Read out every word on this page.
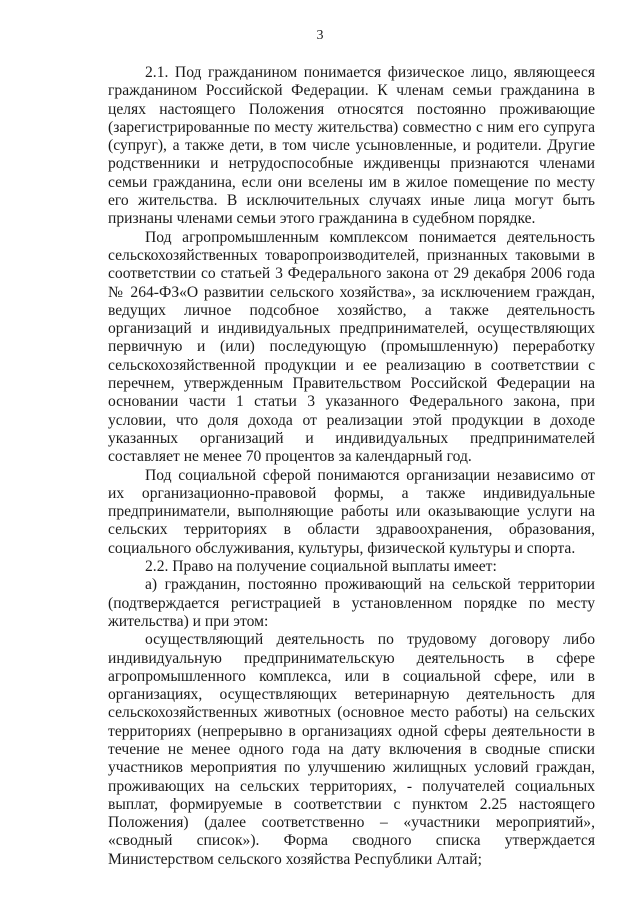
3

2.1. Под гражданином понимается физическое лицо, являющееся гражданином Российской Федерации. К членам семьи гражданина в целях настоящего Положения относятся постоянно проживающие (зарегистрированные по месту жительства) совместно с ним его супруга (супруг), а также дети, в том числе усыновленные, и родители. Другие родственники и нетрудоспособные иждивенцы признаются членами семьи гражданина, если они вселены им в жилое помещение по месту его жительства. В исключительных случаях иные лица могут быть признаны членами семьи этого гражданина в судебном порядке.

Под агропромышленным комплексом понимается деятельность сельскохозяйственных товаропроизводителей, признанных таковыми в соответствии со статьей 3 Федерального закона от 29 декабря 2006 года № 264-ФЗ«О развитии сельского хозяйства», за исключением граждан, ведущих личное подсобное хозяйство, а также деятельность организаций и индивидуальных предпринимателей, осуществляющих первичную и (или) последующую (промышленную) переработку сельскохозяйственной продукции и ее реализацию в соответствии с перечнем, утвержденным Правительством Российской Федерации на основании части 1 статьи 3 указанного Федерального закона, при условии, что доля дохода от реализации этой продукции в доходе указанных организаций и индивидуальных предпринимателей составляет не менее 70 процентов за календарный год.

Под социальной сферой понимаются организации независимо от их организационно-правовой формы, а также индивидуальные предприниматели, выполняющие работы или оказывающие услуги на сельских территориях в области здравоохранения, образования, социального обслуживания, культуры, физической культуры и спорта.

2.2. Право на получение социальной выплаты имеет:

а) гражданин, постоянно проживающий на сельской территории (подтверждается регистрацией в установленном порядке по месту жительства) и при этом:

осуществляющий деятельность по трудовому договору либо индивидуальную предпринимательскую деятельность в сфере агропромышленного комплекса, или в социальной сфере, или в организациях, осуществляющих ветеринарную деятельность для сельскохозяйственных животных (основное место работы) на сельских территориях (непрерывно в организациях одной сферы деятельности в течение не менее одного года на дату включения в сводные списки участников мероприятия по улучшению жилищных условий граждан, проживающих на сельских территориях, - получателей социальных выплат, формируемые в соответствии с пунктом 2.25 настоящего Положения) (далее соответственно – «участники мероприятий», «сводный список»). Форма сводного списка утверждается Министерством сельского хозяйства Республики Алтай;
